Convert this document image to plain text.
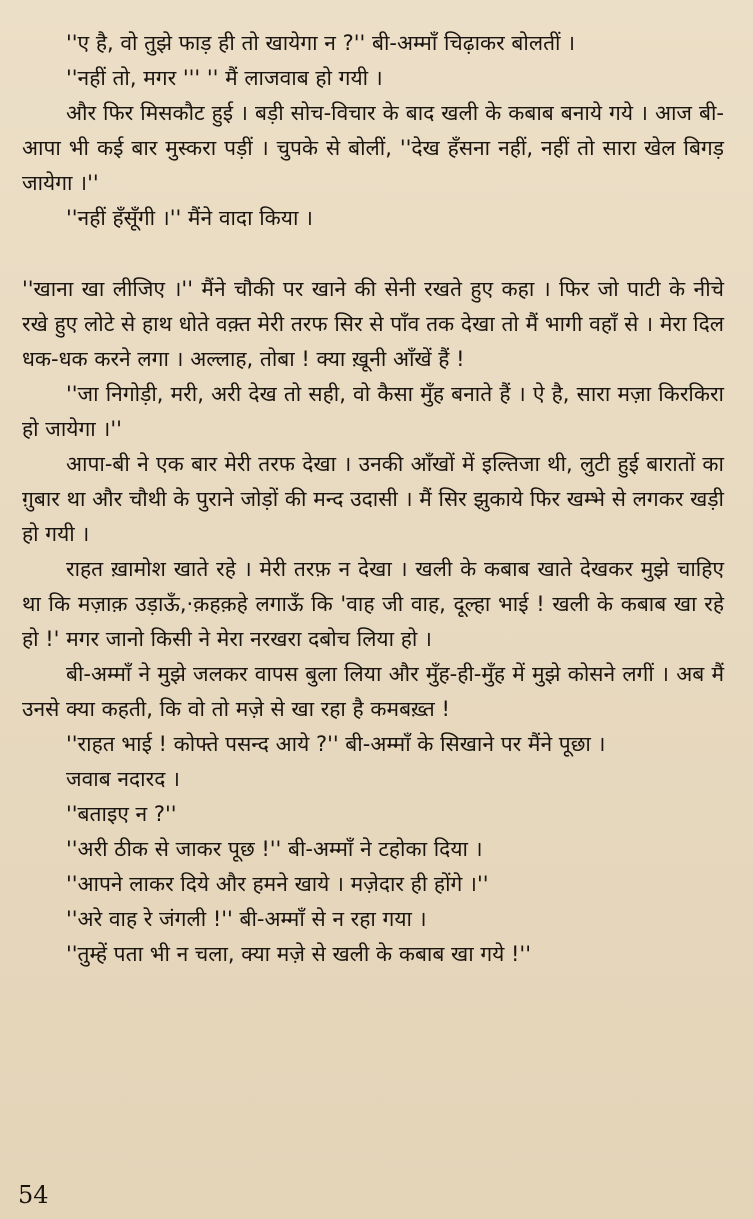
''ए है, वो तुझे फाड़ ही तो खायेगा न ?'' बी-अम्माँ चिढ़ाकर बोलतीं ।

''नहीं तो, मगर ''' '' मैं लाजवाब हो गयी ।

और फिर मिसकौट हुई । बड़ी सोच-विचार के बाद खली के कबाब बनाये गये । आज बी-आपा भी कई बार मुस्करा पड़ीं । चुपके से बोलीं, ''देख हँसना नहीं, नहीं तो सारा खेल बिगड़ जायेगा ।''

''नहीं हँसूँगी ।'' मैंने वादा किया ।

''खाना खा लीजिए ।'' मैंने चौकी पर खाने की सेनी रखते हुए कहा । फिर जो पाटी के नीचे रखे हुए लोटे से हाथ धोते वक़्त मेरी तरफ सिर से पाँव तक देखा तो मैं भागी वहाँ से । मेरा दिल धक-धक करने लगा । अल्लाह, तोबा ! क्या ख़ूनी आँखें हैं !

''जा निगोड़ी, मरी, अरी देख तो सही, वो कैसा मुँह बनाते हैं । ऐ है, सारा मज़ा किरकिरा हो जायेगा ।''

आपा-बी ने एक बार मेरी तरफ देखा । उनकी आँखों में इल्तिजा थी, लुटी हुई बारातों का ग़ुबार था और चौथी के पुराने जोड़ों की मन्द उदासी । मैं सिर झुकाये फिर खम्भे से लगकर खड़ी हो गयी ।

राहत ख़ामोश खाते रहे । मेरी तरफ़ न देखा । खली के कबाब खाते देखकर मुझे चाहिए था कि मज़ाक़ उड़ाऊँ,·क़हक़हे लगाऊँ कि 'वाह जी वाह, दूल्हा भाई ! खली के कबाब खा रहे हो !' मगर जानो किसी ने मेरा नरखरा दबोच लिया हो ।

बी-अम्माँ ने मुझे जलकर वापस बुला लिया और मुँह-ही-मुँह में मुझे कोसने लगीं । अब मैं उनसे क्या कहती, कि वो तो मज़े से खा रहा है कमबख़्त !

''राहत भाई ! कोफ्ते पसन्द आये ?'' बी-अम्माँ के सिखाने पर मैंने पूछा ।

जवाब नदारद ।

''बताइए न ?''

''अरी ठीक से जाकर पूछ !'' बी-अम्माँ ने टहोका दिया ।

''आपने लाकर दिये और हमने खाये । मज़ेदार ही होंगे ।''

''अरे वाह रे जंगली !'' बी-अम्माँ से न रहा गया ।

''तुम्हें पता भी न चला, क्या मज़े से खली के कबाब खा गये !''

54
